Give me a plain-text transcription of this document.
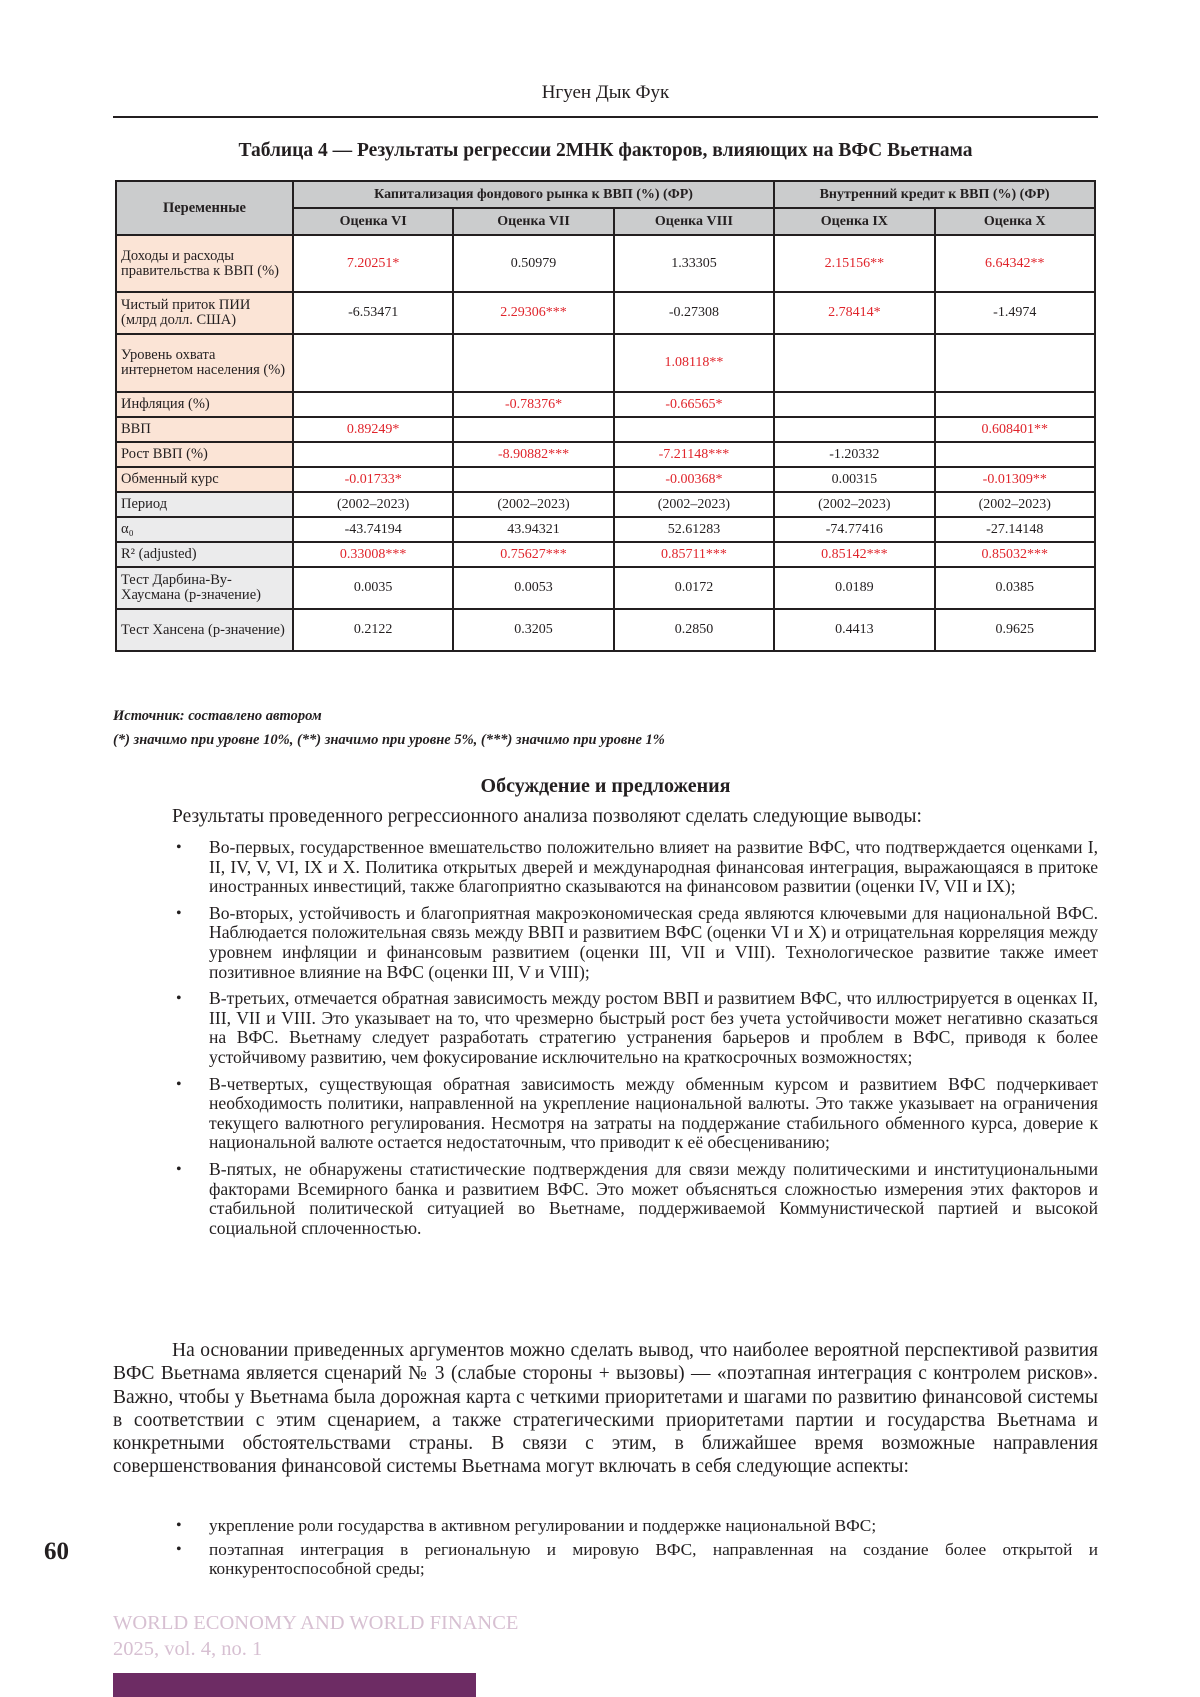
Нгуен Дык Фук
Таблица 4 — Результаты регрессии 2МНК факторов, влияющих на ВФС Вьетнама
Переменные	Капитализация фондового рынка к ВВП (%) (ФР)			Внутренний кредит к ВВП (%) (ФР)	
	Оценка VI	Оценка VII	Оценка VIII	Оценка IX	Оценка X
Доходы и расходы правительства к ВВП (%)	7.20251*	0.50979	1.33305	2.15156**	6.64342**
Чистый приток ПИИ (млрд долл. США)	-6.53471	2.29306***	-0.27308	2.78414*	-1.4974
Уровень охвата интернетом населения (%)			1.08118**		
Инфляция (%)		-0.78376*	-0.66565*		
ВВП	0.89249*				0.608401**
Рост ВВП (%)		-8.90882***	-7.21148***	-1.20332	
Обменный курс	-0.01733*		-0.00368*	0.00315	-0.01309**
Период	(2002–2023)	(2002–2023)	(2002–2023)	(2002–2023)	(2002–2023)
α₀	-43.74194	43.94321	52.61283	-74.77416	-27.14148
R² (adjusted)	0.33008***	0.75627***	0.85711***	0.85142***	0.85032***
Тест Дарбина-Ву-Хаусмана (p-значение)	0.0035	0.0053	0.0172	0.0189	0.0385
Тест Хансена (p-значение)	0.2122	0.3205	0.2850	0.4413	0.9625
Источник: составлено автором
(*) значимо при уровне 10%, (**) значимо при уровне 5%, (***) значимо при уровне 1%
Обсуждение и предложения
Результаты проведенного регрессионного анализа позволяют сделать следующие выводы:
• Во-первых, государственное вмешательство положительно влияет на развитие ВФС, что подтверждается оценками I, II, IV, V, VI, IX и X. Политика открытых дверей и международная финансовая интеграция, выражающаяся в притоке иностранных инвестиций, также благоприятно сказываются на финансовом развитии (оценки IV, VII и IX);
• Во-вторых, устойчивость и благоприятная макроэкономическая среда являются ключевыми для национальной ВФС. Наблюдается положительная связь между ВВП и развитием ВФС (оценки VI и X) и отрицательная корреляция между уровнем инфляции и финансовым развитием (оценки III, VII и VIII). Технологическое развитие также имеет позитивное влияние на ВФС (оценки III, V и VIII);
• В-третьих, отмечается обратная зависимость между ростом ВВП и развитием ВФС, что иллюстрируется в оценках II, III, VII и VIII. Это указывает на то, что чрезмерно быстрый рост без учета устойчивости может негативно сказаться на ВФС. Вьетнаму следует разработать стратегию устранения барьеров и проблем в ВФС, приводя к более устойчивому развитию, чем фокусирование исключительно на краткосрочных возможностях;
• В-четвертых, существующая обратная зависимость между обменным курсом и развитием ВФС подчеркивает необходимость политики, направленной на укрепление национальной валюты. Это также указывает на ограничения текущего валютного регулирования. Несмотря на затраты на поддержание стабильного обменного курса, доверие к национальной валюте остается недостаточным, что приводит к её обесцениванию;
• В-пятых, не обнаружены статистические подтверждения для связи между политическими и институциональными факторами Всемирного банка и развитием ВФС. Это может объясняться сложностью измерения этих факторов и стабильной политической ситуацией во Вьетнаме, поддерживаемой Коммунистической партией и высокой социальной сплоченностью.

На основании приведенных аргументов можно сделать вывод, что наиболее вероятной перспективой развития ВФС Вьетнама является сценарий № 3 (слабые стороны + вызовы) — «поэтапная интеграция с контролем рисков». Важно, чтобы у Вьетнама была дорожная карта с четкими приоритетами и шагами по развитию финансовой системы в соответствии с этим сценарием, а также стратегическими приоритетами партии и государства Вьетнама и конкретными обстоятельствами страны. В связи с этим, в ближайшее время возможные направления совершенствования финансовой системы Вьетнама могут включать в себя следующие аспекты:

• укрепление роли государства в активном регулировании и поддержке национальной ВФС;
• поэтапная интеграция в региональную и мировую ВФС, направленная на создание более открытой и конкурентоспособной среды;
60
WORLD ECONOMY AND WORLD FINANCE
2025, vol. 4, no. 1
